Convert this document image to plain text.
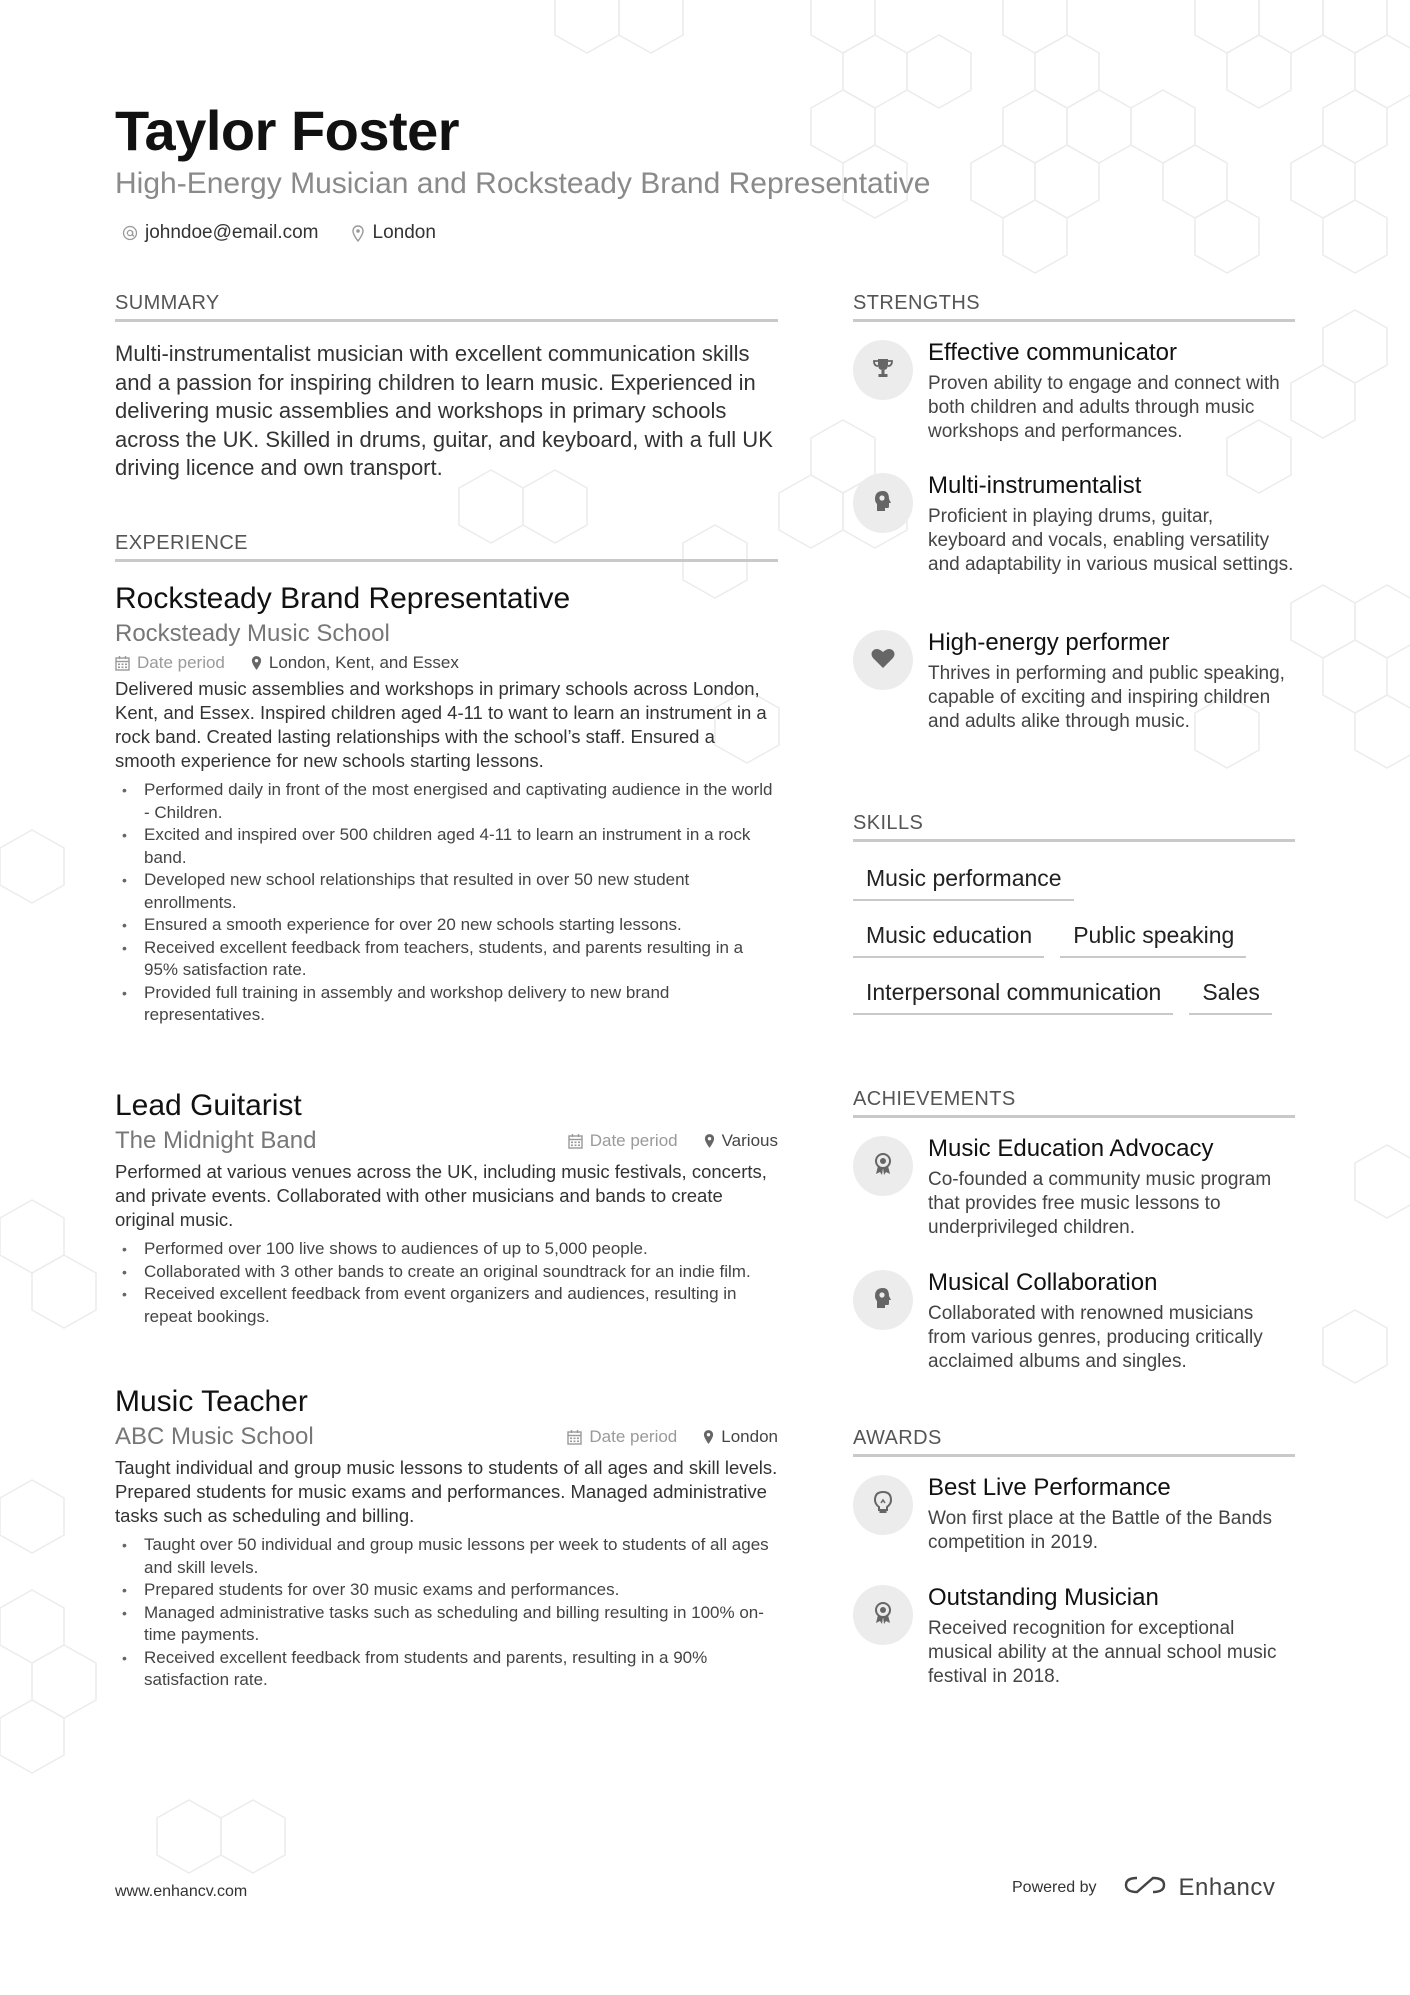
Taylor Foster

High-Energy Musician and Rocksteady Brand Representative

johndoe@email.com	London
SUMMARY

Multi-instrumentalist musician with excellent communication skills and a passion for inspiring children to learn music. Experienced in delivering music assemblies and workshops in primary schools across the UK. Skilled in drums, guitar, and keyboard, with a full UK driving licence and own transport.

EXPERIENCE

Rocksteady Brand Representative

Rocksteady Music School

Date period	London, Kent, and Essex

Delivered music assemblies and workshops in primary schools across London, Kent, and Essex. Inspired children aged 4-11 to want to learn an instrument in a rock band. Created lasting relationships with the school’s staff. Ensured a smooth experience for new schools starting lessons.

• Performed daily in front of the most energised and captivating audience in the world - Children.
• Excited and inspired over 500 children aged 4-11 to learn an instrument in a rock band.
• Developed new school relationships that resulted in over 50 new student enrollments.
• Ensured a smooth experience for over 20 new schools starting lessons.
• Received excellent feedback from teachers, students, and parents resulting in a 95% satisfaction rate.
• Provided full training in assembly and workshop delivery to new brand representatives.

Lead Guitarist

The Midnight Band	Date period	Various

Performed at various venues across the UK, including music festivals, concerts, and private events. Collaborated with other musicians and bands to create original music.

• Performed over 100 live shows to audiences of up to 5,000 people.
• Collaborated with 3 other bands to create an original soundtrack for an indie film.
• Received excellent feedback from event organizers and audiences, resulting in repeat bookings.

Music Teacher

ABC Music School	Date period	London

Taught individual and group music lessons to students of all ages and skill levels. Prepared students for music exams and performances. Managed administrative tasks such as scheduling and billing.

• Taught over 50 individual and group music lessons per week to students of all ages and skill levels.
• Prepared students for over 30 music exams and performances.
• Managed administrative tasks such as scheduling and billing resulting in 100% on-time payments.
• Received excellent feedback from students and parents, resulting in a 90% satisfaction rate.
STRENGTHS

Effective communicator

Proven ability to engage and connect with both children and adults through music workshops and performances.

Multi-instrumentalist

Proficient in playing drums, guitar, keyboard and vocals, enabling versatility and adaptability in various musical settings.

High-energy performer

Thrives in performing and public speaking, capable of exciting and inspiring children and adults alike through music.

SKILLS
Music performance
Music education	Public speaking
Interpersonal communication	Sales
ACHIEVEMENTS

Music Education Advocacy

Co-founded a community music program that provides free music lessons to underprivileged children.

Musical Collaboration

Collaborated with renowned musicians from various genres, producing critically acclaimed albums and singles.

AWARDS

Best Live Performance

Won first place at the Battle of the Bands competition in 2019.

Outstanding Musician

Received recognition for exceptional musical ability at the annual school music festival in 2018.

www.enhancv.com	Powered by	Enhancv
